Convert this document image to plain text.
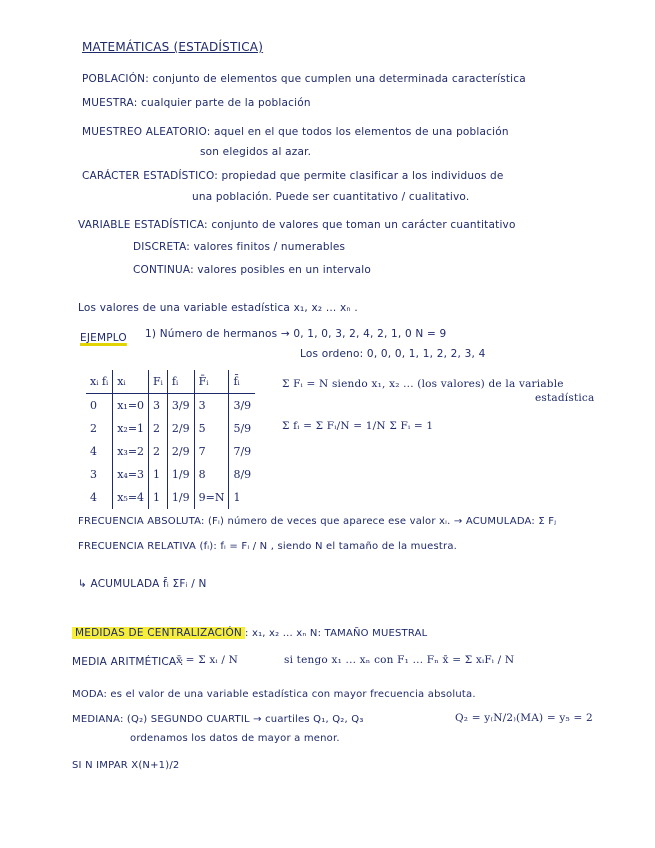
MATEMÁTICAS (ESTADÍSTICA)
POBLACIÓN: conjunto de elementos que cumplen una determinada característica
MUESTRA: cualquier parte de la población
MUESTREO ALEATORIO: aquel en el que todos los elementos de una población
son elegidos al azar.
CARÁCTER ESTADÍSTICO: propiedad que permite clasificar a los individuos de
una población. Puede ser cuantitativo / cualitativo.
VARIABLE ESTADÍSTICA: conjunto de valores que toman un carácter cuantitativo
DISCRETA: valores finitos / numerables
CONTINUA: valores posibles en un intervalo
Los valores de una variable estadística x₁, x₂ ... xₙ .
EJEMPLO 1) Número de hermanos → 0, 1, 0, 3, 2, 4, 2, 1, 0 N = 9
Los ordeno: 0, 0, 0, 1, 1, 2, 2, 3, 4
xᵢ fᵢ	xᵢ	Fᵢ	fᵢ	F̄ᵢ	f̄ᵢ
0	x₁=0	3	3/9	3	3/9
2	x₂=1	2	2/9	5	5/9
4	x₃=2	2	2/9	7	7/9
3	x₄=3	1	1/9	8	8/9
4	x₅=4	1	1/9	9=N	1
Σ Fᵢ = N siendo x₁, x₂ ... (los valores) de la variable
estadística
Σ fᵢ = Σ Fᵢ/N = 1/N Σ Fᵢ = 1
FRECUENCIA ABSOLUTA: (Fᵢ) número de veces que aparece ese valor xᵢ. → ACUMULADA: Σ Fⱼ
FRECUENCIA RELATIVA (fᵢ): fᵢ = Fᵢ / N , siendo N el tamaño de la muestra.
↳ ACUMULADA f̄ᵢ ΣFᵢ / N
MEDIDAS DE CENTRALIZACIÓN : x₁, x₂ ... xₙ N: TAMAÑO MUESTRAL
MEDIA ARITMÉTICA :
x̄ = Σ xᵢ / N	si tengo x₁ ... xₙ con F₁ ... Fₙ x̄ = Σ xᵢFᵢ / N
MODA: es el valor de una variable estadística con mayor frecuencia absoluta.
MEDIANA: (Q₂) SEGUNDO CUARTIL → cuartiles Q₁, Q₂, Q₃
ordenamos los datos de mayor a menor.
Q₂ = y₍N/2₎(MA) = y₅ = 2
SI N IMPAR X(N+1)/2
